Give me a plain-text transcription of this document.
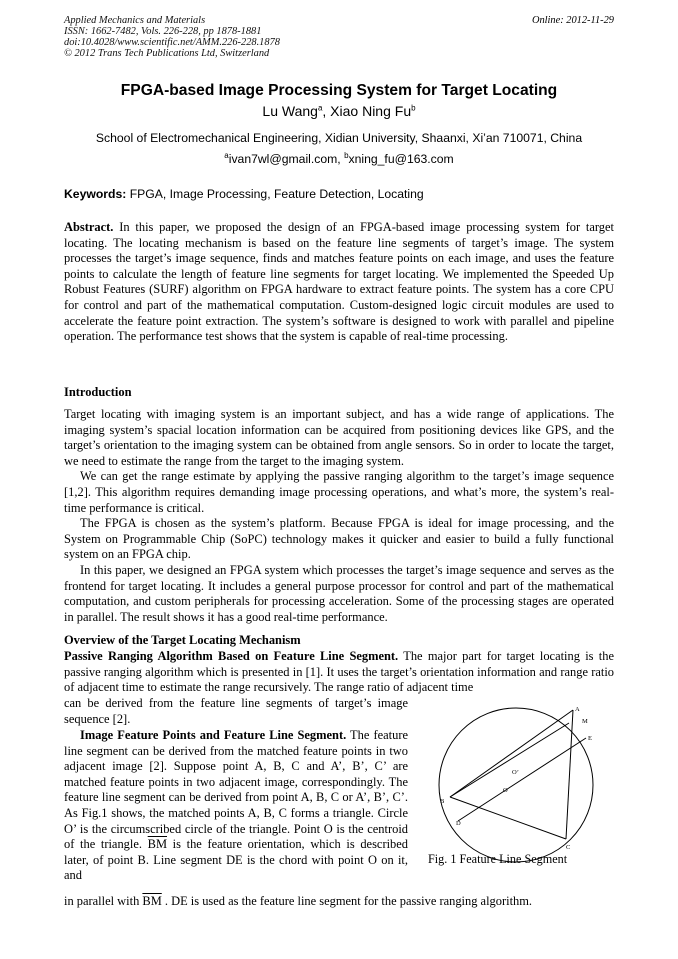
Applied Mechanics and Materials
ISSN: 1662-7482, Vols. 226-228, pp 1878-1881
doi:10.4028/www.scientific.net/AMM.226-228.1878
© 2012 Trans Tech Publications Ltd, Switzerland
Online: 2012-11-29
FPGA-based Image Processing System for Target Locating
Lu Wang$^a$, Xiao Ning Fu$^b$
School of Electromechanical Engineering, Xidian University, Shaanxi, Xi’an 710071, China
$^a$ivan7wl@gmail.com, $^b$xning_fu@163.com
Keywords: FPGA, Image Processing, Feature Detection, Locating
Abstract. In this paper, we proposed the design of an FPGA-based image processing system for target locating. The locating mechanism is based on the feature line segments of target’s image. The system processes the target’s image sequence, finds and matches feature points on each image, and uses the feature points to calculate the length of feature line segments for target locating. We implemented the Speeded Up Robust Features (SURF) algorithm on FPGA hardware to extract feature points. The system has a core CPU for control and part of the mathematical computation. Custom-designed logic circuit modules are used to accelerate the feature point extraction. The system’s software is designed to work with parallel and pipeline operation. The performance test shows that the system is capable of real-time processing.
Introduction
Target locating with imaging system is an important subject, and has a wide range of applications. The imaging system’s spacial location information can be acquired from positioning devices like GPS, and the target’s orientation to the imaging system can be obtained from angle sensors. So in order to locate the target, we need to estimate the range from the target to the imaging system.
We can get the range estimate by applying the passive ranging algorithm to the target’s image sequence [1,2]. This algorithm requires demanding image processing operations, and what’s more, the system’s real-time performance is critical.
The FPGA is chosen as the system’s platform. Because FPGA is ideal for image processing, and the System on Programmable Chip (SoPC) technology makes it quicker and easier to build a fully functional system on an FPGA chip.
In this paper, we designed an FPGA system which processes the target’s image sequence and serves as the frontend for target locating. It includes a general purpose processor for control and part of the mathematical computation, and custom peripherals for processing acceleration. Some of the processing stages are operated in parallel. The result shows it has a good real-time performance.
Overview of the Target Locating Mechanism
Passive Ranging Algorithm Based on Feature Line Segment. The major part for target locating is the passive ranging algorithm which is presented in [1]. It uses the target’s orientation information and range ratio of adjacent time to estimate the range recursively. The range ratio of adjacent time
can be derived from the feature line segments of target’s image sequence [2].
Image Feature Points and Feature Line Segment. The feature line segment can be derived from the matched feature points in two adjacent image [2]. Suppose point A, B, C and A’, B’, C’ are matched feature points in two adjacent image, correspondingly. The feature line segment can be derived from point A, B, C or A’, B’, C’. As Fig.1 shows, the matched points A, B, C forms a triangle. Circle O’ is the circumscribed circle of the triangle. Point O is the centroid of the triangle. $\overline{BM}$ is the feature orientation, which is described later, of point B. Line segment DE is the chord with point O on it, and
in parallel with $\overline{BM}$ . DE is used as the feature line segment for the passive ranging algorithm.
A
M
E
O’
O
B
D
C
Fig. 1 Feature Line Segment
